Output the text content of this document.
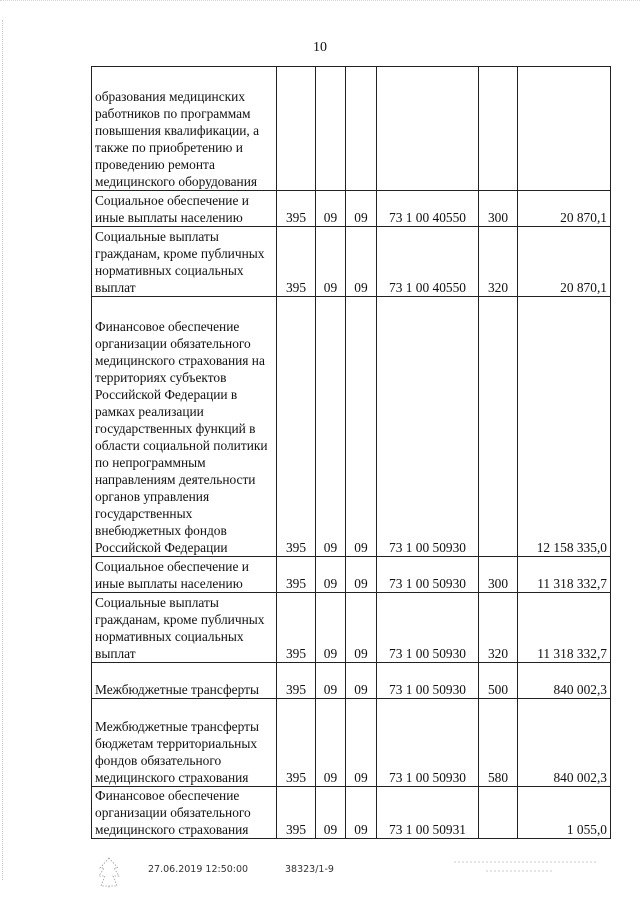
10
образования медицинских работников по программам повышения квалификации, а также по приобретению и проведению ремонта медицинского оборудования						

Социальное обеспечение и иные выплаты населению	395	09	09	73 1 00 40550	300	20 870,1

Социальные выплаты гражданам, кроме публичных нормативных социальных выплат	395	09	09	73 1 00 40550	320	20 870,1

Финансовое обеспечение организации обязательного медицинского страхования на территориях субъектов Российской Федерации в рамках реализации государственных функций в области социальной политики по непрограммным направлениям деятельности органов управления государственных внебюджетных фондов Российской Федерации	395	09	09	73 1 00 50930		12 158 335,0

Социальное обеспечение и иные выплаты населению	395	09	09	73 1 00 50930	300	11 318 332,7

Социальные выплаты гражданам, кроме публичных нормативных социальных выплат	395	09	09	73 1 00 50930	320	11 318 332,7

Межбюджетные трансферты	395	09	09	73 1 00 50930	500	840 002,3

Межбюджетные трансферты бюджетам территориальных фондов обязательного медицинского страхования	395	09	09	73 1 00 50930	580	840 002,3

Финансовое обеспечение организации обязательного медицинского страхования	395	09	09	73 1 00 50931		1 055,0
27.06.2019 12:50:00	38323/1-9
